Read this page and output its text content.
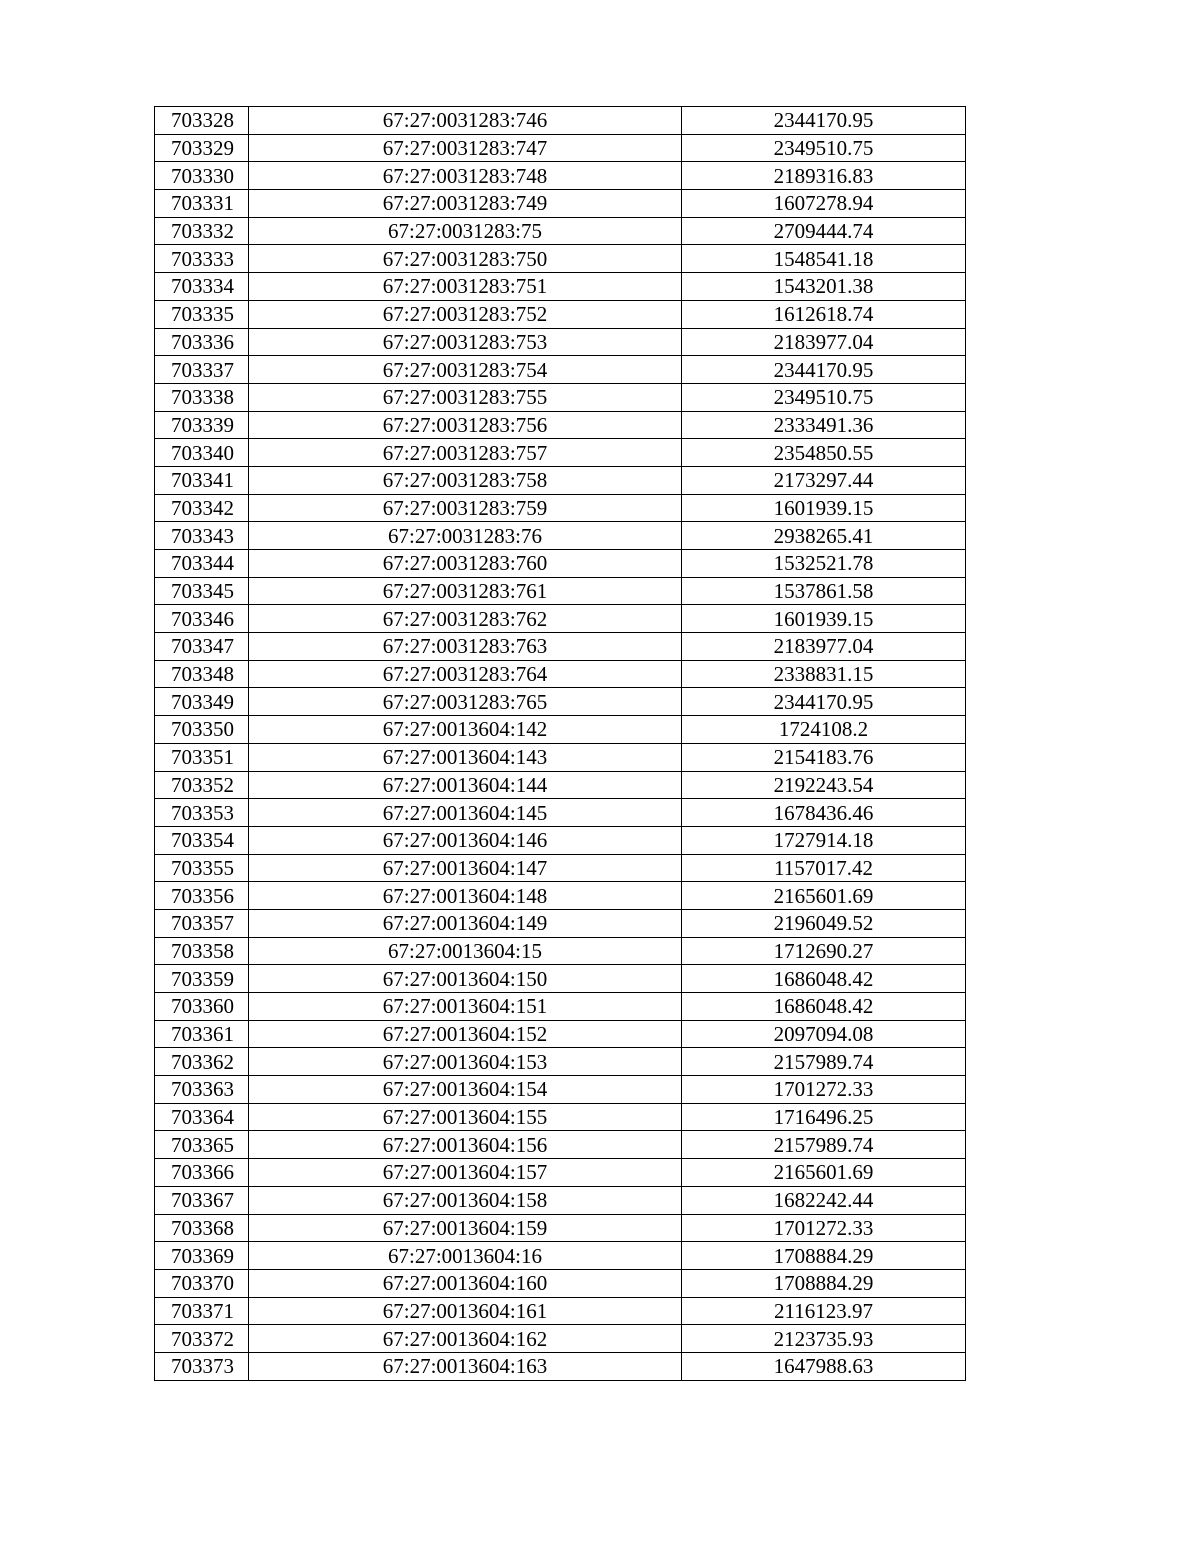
703328	67:27:0031283:746	2344170.95
703329	67:27:0031283:747	2349510.75
703330	67:27:0031283:748	2189316.83
703331	67:27:0031283:749	1607278.94
703332	67:27:0031283:75	2709444.74
703333	67:27:0031283:750	1548541.18
703334	67:27:0031283:751	1543201.38
703335	67:27:0031283:752	1612618.74
703336	67:27:0031283:753	2183977.04
703337	67:27:0031283:754	2344170.95
703338	67:27:0031283:755	2349510.75
703339	67:27:0031283:756	2333491.36
703340	67:27:0031283:757	2354850.55
703341	67:27:0031283:758	2173297.44
703342	67:27:0031283:759	1601939.15
703343	67:27:0031283:76	2938265.41
703344	67:27:0031283:760	1532521.78
703345	67:27:0031283:761	1537861.58
703346	67:27:0031283:762	1601939.15
703347	67:27:0031283:763	2183977.04
703348	67:27:0031283:764	2338831.15
703349	67:27:0031283:765	2344170.95
703350	67:27:0013604:142	1724108.2
703351	67:27:0013604:143	2154183.76
703352	67:27:0013604:144	2192243.54
703353	67:27:0013604:145	1678436.46
703354	67:27:0013604:146	1727914.18
703355	67:27:0013604:147	1157017.42
703356	67:27:0013604:148	2165601.69
703357	67:27:0013604:149	2196049.52
703358	67:27:0013604:15	1712690.27
703359	67:27:0013604:150	1686048.42
703360	67:27:0013604:151	1686048.42
703361	67:27:0013604:152	2097094.08
703362	67:27:0013604:153	2157989.74
703363	67:27:0013604:154	1701272.33
703364	67:27:0013604:155	1716496.25
703365	67:27:0013604:156	2157989.74
703366	67:27:0013604:157	2165601.69
703367	67:27:0013604:158	1682242.44
703368	67:27:0013604:159	1701272.33
703369	67:27:0013604:16	1708884.29
703370	67:27:0013604:160	1708884.29
703371	67:27:0013604:161	2116123.97
703372	67:27:0013604:162	2123735.93
703373	67:27:0013604:163	1647988.63
